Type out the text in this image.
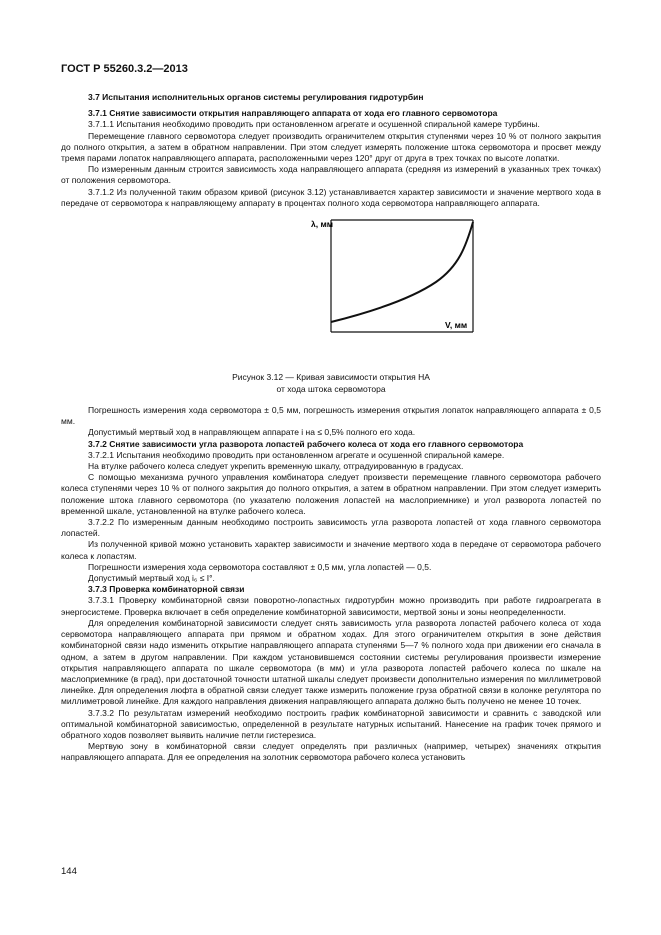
ГОСТ Р 55260.3.2—2013

3.7 Испытания исполнительных органов системы регулирования гидротурбин

3.7.1 Снятие зависимости открытия направляющего аппарата от хода его главного сервомотора

3.7.1.1 Испытания необходимо проводить при остановленном агрегате и осушенной спиральной камере турбины.

Перемещение главного сервомотора следует производить ограничителем открытия ступенями через 10 % от полного закрытия до полного открытия, а затем в обратном направлении. При этом следует измерять положение штока сервомотора и просвет между тремя парами лопаток направляющего аппарата, расположенными через 120° друг от друга в трех точках по высоте лопатки.

По измеренным данным строится зависимость хода направляющего аппарата (средняя из измерений в указанных трех точках) от положения сервомотора.

3.7.1.2 Из полученной таким образом кривой (рисунок 3.12) устанавливается характер зависимости и значение мертвого хода в передаче от сервомотора к направляющему аппарату в процентах полного хода сервомотора направляющего аппарата.

λ, мм
V, мм
Рисунок 3.12 — Кривая зависимости открытия НА
от хода штока сервомотора

Погрешность измерения хода сервомотора ± 0,5 мм, погрешность измерения открытия лопаток направляющего аппарата ± 0,5 мм.

Допустимый мертвый ход в направляющем аппарате i на ≤ 0,5% полного его хода.

3.7.2 Снятие зависимости угла разворота лопастей рабочего колеса от хода его главного сервомотора

3.7.2.1 Испытания необходимо проводить при остановленном агрегате и осушенной спиральной камере.

На втулке рабочего колеса следует укрепить временную шкалу, отградуированную в градусах.

С помощью механизма ручного управления комбинатора следует произвести перемещение главного сервомотора рабочего колеса ступенями через 10 % от полного закрытия до полного открытия, а затем в обратном направлении. При этом следует измерить положение штока главного сервомотора (по указателю положения лопастей на маслоприемнике) и угол разворота лопастей по временной шкале, установленной на втулке рабочего колеса.

3.7.2.2 По измеренным данным необходимо построить зависимость угла разворота лопастей от хода главного сервомотора лопастей.

Из полученной кривой можно установить характер зависимости и значение мертвого хода в передаче от сервомотора рабочего колеса к лопастям.

Погрешности измерения хода сервомотора составляют ± 0,5 мм, угла лопастей — 0,5.

Допустимый мертвый ход i₆ ≤ I°.

3.7.3 Проверка комбинаторной связи

3.7.3.1 Проверку комбинаторной связи поворотно-лопастных гидротурбин можно производить при работе гидроагрегата в энергосистеме. Проверка включает в себя определение комбинаторной зависимости, мертвой зоны и зоны неопределенности.

Для определения комбинаторной зависимости следует снять зависимость угла разворота лопастей рабочего колеса от хода сервомотора направляющего аппарата при прямом и обратном ходах. Для этого ограничителем открытия в зоне действия комбинаторной связи надо изменить открытие направляющего аппарата ступенями 5—7 % полного хода при движении его сначала в одном, а затем в другом направлении. При каждом установившемся состоянии системы регулирования произвести измерение открытия направляющего аппарата по шкале сервомотора (в мм) и угла разворота лопастей рабочего колеса по шкале на маслоприемнике (в град), при достаточной точности штатной шкалы следует произвести дополнительно измерения по миллиметровой линейке. Для определения люфта в обратной связи следует также измерить положение груза обратной связи в колонке регулятора по миллиметровой линейке. Для каждого направления движения направляющего аппарата должно быть получено не менее 10 точек.

3.7.3.2 По результатам измерений необходимо построить график комбинаторной зависимости и сравнить с заводской или оптимальной комбинаторной зависимостью, определенной в результате натурных испытаний. Нанесение на график точек прямого и обратного ходов позволяет выявить наличие петли гистерезиса.

Мертвую зону в комбинаторной связи следует определять при различных (например, четырех) значениях открытия направляющего аппарата. Для ее определения на золотник сервомотора рабочего колеса установить

144
